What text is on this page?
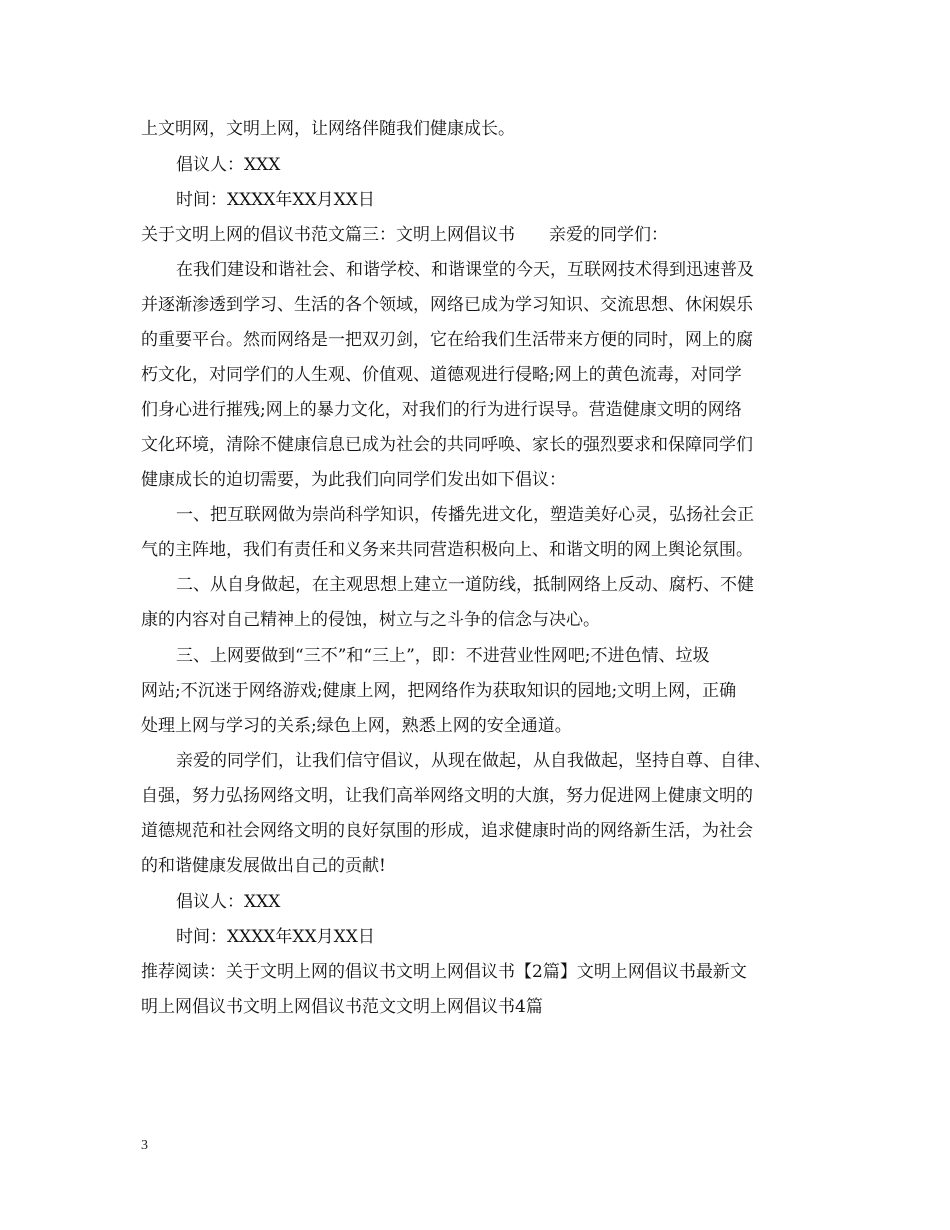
上文明网，文明上网，让网络伴随我们健康成长。
倡议人：XXX
时间：XXXX年XX月XX日
关于文明上网的倡议书范文篇三：文明上网倡议书　　亲爱的同学们：
在我们建设和谐社会、和谐学校、和谐课堂的今天，互联网技术得到迅速普及
并逐渐渗透到学习、生活的各个领域，网络已成为学习知识、交流思想、休闲娱乐
的重要平台。然而网络是一把双刃剑，它在给我们生活带来方便的同时，网上的腐
朽文化，对同学们的人生观、价值观、道德观进行侵略;网上的黄色流毒，对同学
们身心进行摧残;网上的暴力文化，对我们的行为进行误导。营造健康文明的网络
文化环境，清除不健康信息已成为社会的共同呼唤、家长的强烈要求和保障同学们
健康成长的迫切需要，为此我们向同学们发出如下倡议：
一、把互联网做为崇尚科学知识，传播先进文化，塑造美好心灵，弘扬社会正
气的主阵地，我们有责任和义务来共同营造积极向上、和谐文明的网上舆论氛围。
二、从自身做起，在主观思想上建立一道防线，抵制网络上反动、腐朽、不健
康的内容对自己精神上的侵蚀，树立与之斗争的信念与决心。
三、上网要做到“三不”和“三上”，即：不进营业性网吧;不进色情、垃圾
网站;不沉迷于网络游戏;健康上网，把网络作为获取知识的园地;文明上网，正确
处理上网与学习的关系;绿色上网，熟悉上网的安全通道。
亲爱的同学们，让我们信守倡议，从现在做起，从自我做起，坚持自尊、自律、
自强，努力弘扬网络文明，让我们高举网络文明的大旗，努力促进网上健康文明的
道德规范和社会网络文明的良好氛围的形成，追求健康时尚的网络新生活，为社会
的和谐健康发展做出自己的贡献!
倡议人：XXX
时间：XXXX年XX月XX日
推荐阅读：关于文明上网的倡议书文明上网倡议书【2篇】文明上网倡议书最新文
明上网倡议书文明上网倡议书范文文明上网倡议书4篇
3
